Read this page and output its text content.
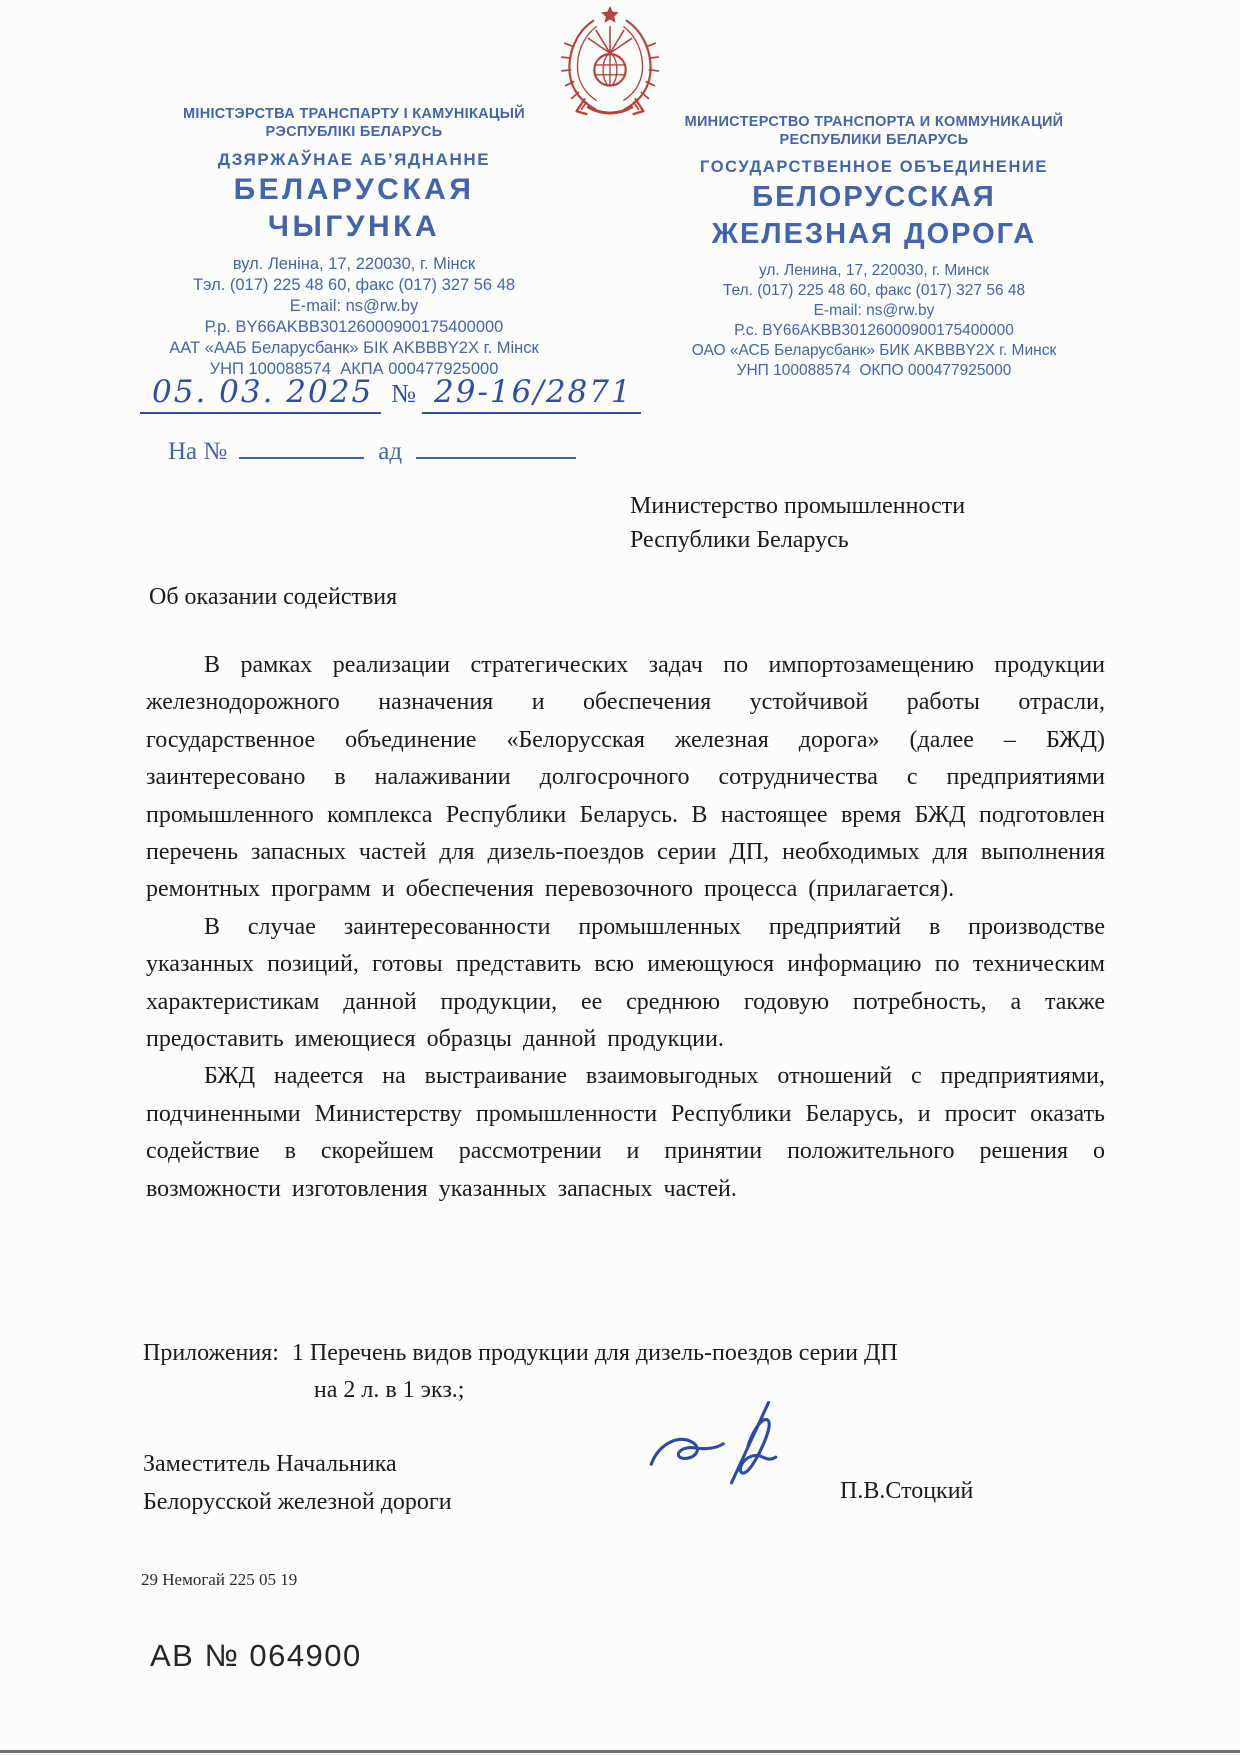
МІНІСТЭРСТВА ТРАНСПАРТУ І КАМУНІКАЦЫЙ
РЭСПУБЛІКІ БЕЛАРУСЬ
ДЗЯРЖАЎНАЕ АБ’ЯДНАННЕ
БЕЛАРУСКАЯ
ЧЫГУНКА
вул. Леніна, 17, 220030, г. Мінск
Тэл. (017) 225 48 60, факс (017) 327 56 48
E-mail: ns@rw.by
Р.р. BY66AKBB30126000900175400000
ААТ «ААБ Беларусбанк» БІК AKBBBY2X г. Мінск
УНП 100088574  АКПА 000477925000
МИНИСТЕРСТВО ТРАНСПОРТА И КОММУНИКАЦИЙ
РЕСПУБЛИКИ БЕЛАРУСЬ
ГОСУДАРСТВЕННОЕ ОБЪЕДИНЕНИЕ
БЕЛОРУССКАЯ
ЖЕЛЕЗНАЯ ДОРОГА
ул. Ленина, 17, 220030, г. Минск
Тел. (017) 225 48 60, факс (017) 327 56 48
E-mail: ns@rw.by
Р.с. BY66AKBB30126000900175400000
ОАО «АСБ Беларусбанк» БИК AKBBBY2X г. Минск
УНП 100088574  ОКПО 000477925000
05. 03. 2025 № 29-16/2871
На №	ад
Министерство промышленности
Республики Беларусь
Об оказании содействия

В рамках реализации стратегических задач по импортозамещению продукции железнодорожного назначения и обеспечения устойчивой работы отрасли, государственное объединение «Белорусская железная дорога» (далее – БЖД) заинтересовано в налаживании долгосрочного сотрудничества с предприятиями промышленного комплекса Республики Беларусь. В настоящее время БЖД подготовлен перечень запасных частей для дизель-поездов серии ДП, необходимых для выполнения ремонтных программ и обеспечения перевозочного процесса (прилагается).

В случае заинтересованности промышленных предприятий в производстве указанных позиций, готовы представить всю имеющуюся информацию по техническим характеристикам данной продукции, ее среднюю годовую потребность, а также предоставить имеющиеся образцы данной продукции.

БЖД надеется на выстраивание взаимовыгодных отношений с предприятиями, подчиненными Министерству промышленности Республики Беларусь, и просит оказать содействие в скорейшем рассмотрении и принятии положительного решения о возможности изготовления указанных запасных частей.

Приложения: 1 Перечень видов продукции для дизель-поездов серии ДП
на 2 л. в 1 экз.;
Заместитель Начальника
Белорусской железной дороги	П.В.Стоцкий
29 Немогай 225 05 19
АВ № 064900
